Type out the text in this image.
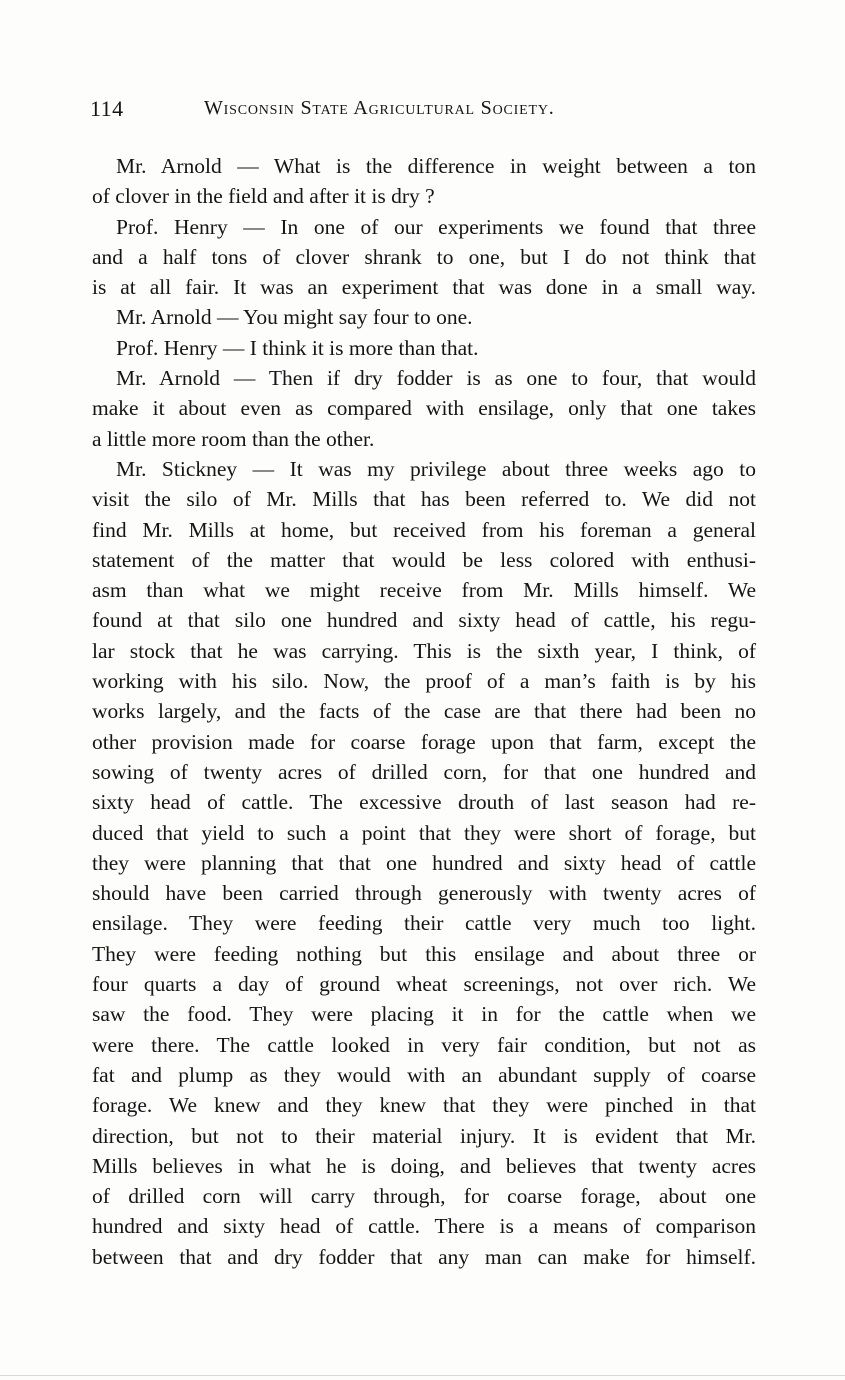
114	Wisconsin State Agricultural Society.
Mr. Arnold — What is the difference in weight between a ton
of clover in the field and after it is dry ?
Prof. Henry — In one of our experiments we found that three
and a half tons of clover shrank to one, but I do not think that
is at all fair. It was an experiment that was done in a small way.
Mr. Arnold — You might say four to one.
Prof. Henry — I think it is more than that.
Mr. Arnold — Then if dry fodder is as one to four, that would
make it about even as compared with ensilage, only that one takes
a little more room than the other.
Mr. Stickney — It was my privilege about three weeks ago to
visit the silo of Mr. Mills that has been referred to. We did not
find Mr. Mills at home, but received from his foreman a general
statement of the matter that would be less colored with enthusi-
asm than what we might receive from Mr. Mills himself. We
found at that silo one hundred and sixty head of cattle, his regu-
lar stock that he was carrying. This is the sixth year, I think, of
working with his silo. Now, the proof of a man’s faith is by his
works largely, and the facts of the case are that there had been no
other provision made for coarse forage upon that farm, except the
sowing of twenty acres of drilled corn, for that one hundred and
sixty head of cattle. The excessive drouth of last season had re-
duced that yield to such a point that they were short of forage, but
they were planning that that one hundred and sixty head of cattle
should have been carried through generously with twenty acres of
ensilage. They were feeding their cattle very much too light.
They were feeding nothing but this ensilage and about three or
four quarts a day of ground wheat screenings, not over rich. We
saw the food. They were placing it in for the cattle when we
were there. The cattle looked in very fair condition, but not as
fat and plump as they would with an abundant supply of coarse
forage. We knew and they knew that they were pinched in that
direction, but not to their material injury. It is evident that Mr.
Mills believes in what he is doing, and believes that twenty acres
of drilled corn will carry through, for coarse forage, about one
hundred and sixty head of cattle. There is a means of comparison
between that and dry fodder that any man can make for himself.
